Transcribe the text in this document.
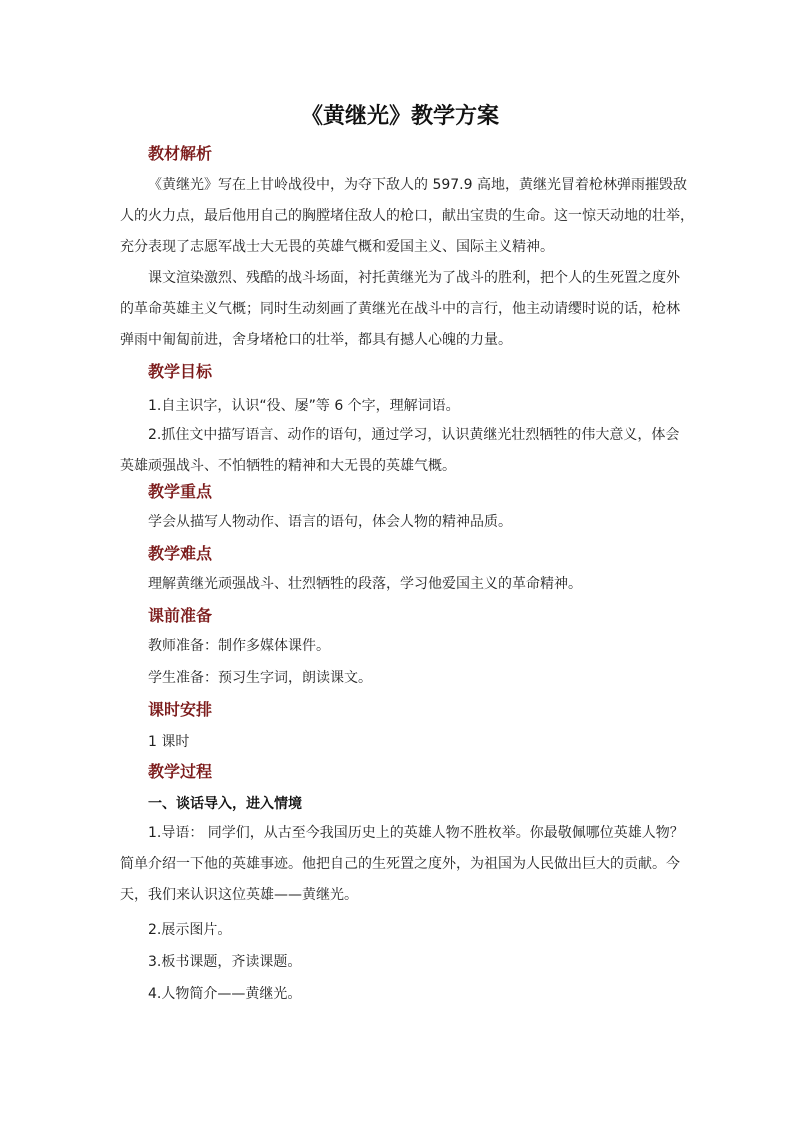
《黄继光》教学方案
教材解析
《黄继光》写在上甘岭战役中，为夺下敌人的 597.9 高地，黄继光冒着枪林弹雨摧毁敌
人的火力点，最后他用自己的胸膛堵住敌人的枪口，献出宝贵的生命。这一惊天动地的壮举，
充分表现了志愿军战士大无畏的英雄气概和爱国主义、国际主义精神。
课文渲染激烈、残酷的战斗场面，衬托黄继光为了战斗的胜利，把个人的生死置之度外
的革命英雄主义气概；同时生动刻画了黄继光在战斗中的言行，他主动请缨时说的话，枪林
弹雨中匍匐前进，舍身堵枪口的壮举，都具有撼人心魄的力量。
教学目标
1.自主识字，认识“役、屡”等 6 个字，理解词语。
2.抓住文中描写语言、动作的语句，通过学习，认识黄继光壮烈牺牲的伟大意义，体会
英雄顽强战斗、不怕牺牲的精神和大无畏的英雄气概。
教学重点
学会从描写人物动作、语言的语句，体会人物的精神品质。
教学难点
理解黄继光顽强战斗、壮烈牺牲的段落，学习他爱国主义的革命精神。
课前准备
教师准备：制作多媒体课件。
学生准备：预习生字词，朗读课文。
课时安排
1 课时
教学过程
一、谈话导入，进入情境
1.导语： 同学们，从古至今我国历史上的英雄人物不胜枚举。你最敬佩哪位英雄人物？
简单介绍一下他的英雄事迹。他把自己的生死置之度外，为祖国为人民做出巨大的贡献。今
天，我们来认识这位英雄——黄继光。
2.展示图片。
3.板书课题，齐读课题。
4.人物简介——黄继光。
